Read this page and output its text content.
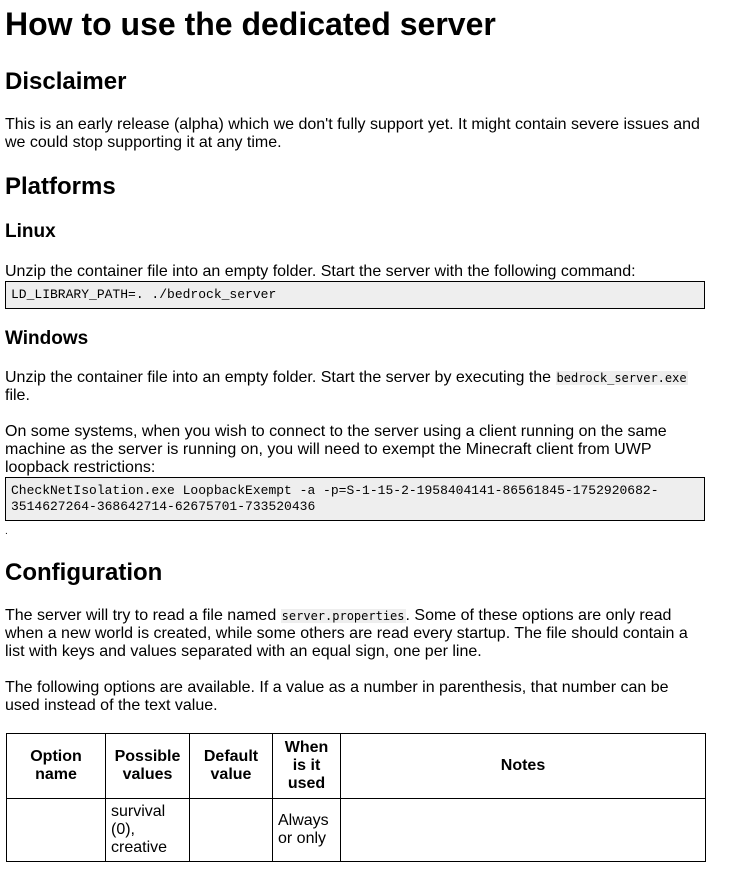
How to use the dedicated server
Disclaimer

This is an early release (alpha) which we don't fully support yet. It might contain severe issues and we could stop supporting it at any time.

Platforms
Linux

Unzip the container file into an empty folder. Start the server with the following command:

LD_LIBRARY_PATH=. ./bedrock_server
Windows

Unzip the container file into an empty folder. Start the server by executing the bedrock_server.exe file.

On some systems, when you wish to connect to the server using a client running on the same machine as the server is running on, you will need to exempt the Minecraft client from UWP loopback restrictions:

CheckNetIsolation.exe LoopbackExempt -a -p=S-1-15-2-1958404141-86561845-1752920682-3514627264-368642714-62675701-733520436

.

Configuration

The server will try to read a file named server.properties. Some of these options are only read when a new world is created, while some others are read every startup. The file should contain a list with keys and values separated with an equal sign, one per line.

The following options are available. If a value as a number in parenthesis, that number can be used instead of the text value.

Option name	Possible values	Default value	When is it used	Notes
	survival (0), creative		Always or only	
